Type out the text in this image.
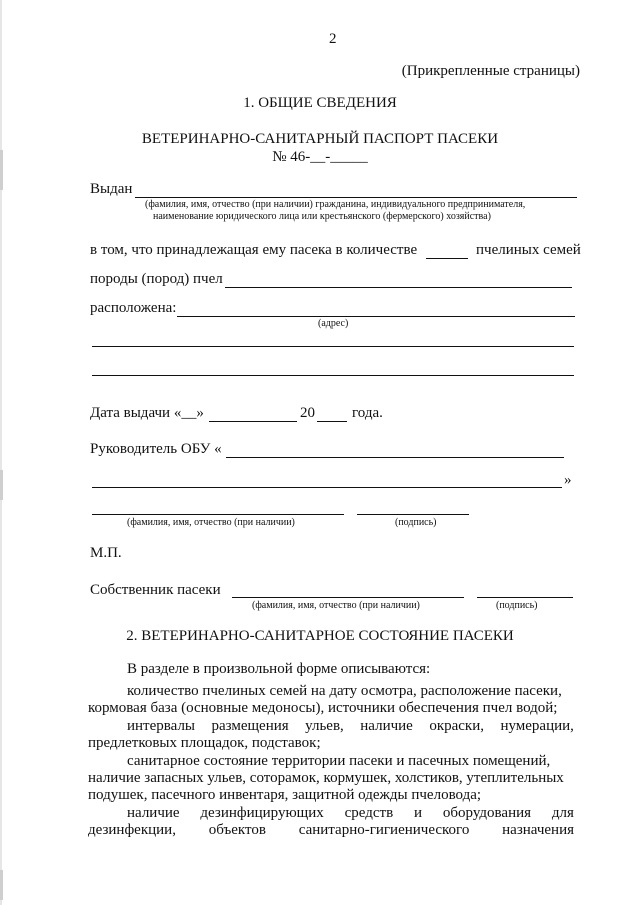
2
(Прикрепленные страницы)
1. ОБЩИЕ СВЕДЕНИЯ
ВЕТЕРИНАРНО-САНИТАРНЫЙ ПАСПОРТ ПАСЕКИ
№ 46-__-_____
Выдан
(фамилия, имя, отчество (при наличии) гражданина, индивидуального предпринимателя,
наименование юридического лица или крестьянского (фермерского) хозяйства)
в том, что принадлежащая ему пасека в количестве	пчелиных семей
породы (пород) пчел
расположена:
(адрес)
Дата выдачи «__»	20 года.
Руководитель ОБУ «
»
(фамилия, имя, отчество (при наличии)	(подпись)
М.П.
Собственник пасеки
(фамилия, имя, отчество (при наличии)	(подпись)
2. ВЕТЕРИНАРНО-САНИТАРНОЕ СОСТОЯНИЕ ПАСЕКИ
В разделе в произвольной форме описываются:
количество пчелиных семей на дату осмотра, расположение пасеки,
кормовая база (основные медоносы), источники обеспечения пчел водой;
интервалы размещения ульев, наличие окраски, нумерации,
предлетковых площадок, подставок;
санитарное состояние территории пасеки и пасечных помещений,
наличие запасных ульев, соторамок, кормушек, холстиков, утеплительных
подушек, пасечного инвентаря, защитной одежды пчеловода;
наличие дезинфицирующих средств и оборудования для
дезинфекции, объектов санитарно-гигиенического назначения
